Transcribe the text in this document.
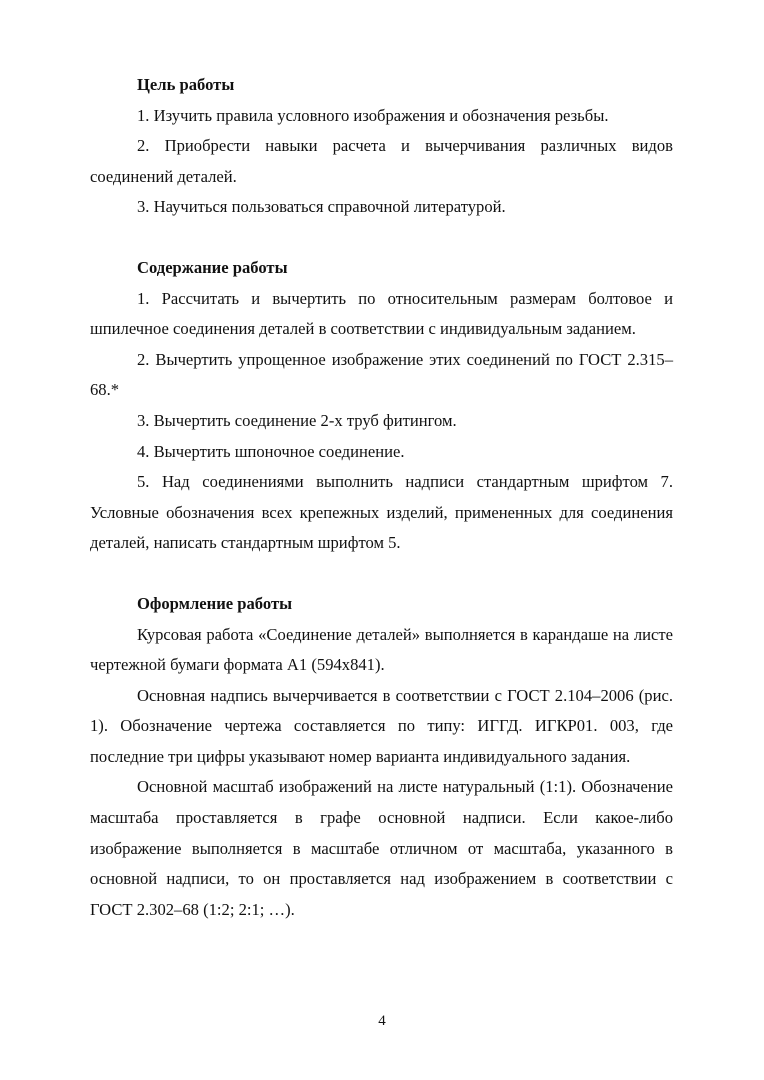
Цель работы

1. Изучить правила условного изображения и обозначения резьбы.

2. Приобрести навыки расчета и вычерчивания различных видов соединений деталей.

3. Научиться пользоваться справочной литературой.

Содержание работы

1. Рассчитать и вычертить по относительным размерам болтовое и шпилечное соединения деталей в соответствии с индивидуальным заданием.

2. Вычертить упрощенное изображение этих соединений по ГОСТ 2.315–68.*

3. Вычертить соединение 2-х труб фитингом.

4. Вычертить шпоночное соединение.

5. Над соединениями выполнить надписи стандартным шрифтом 7. Условные обозначения всех крепежных изделий, примененных для соединения деталей, написать стандартным шрифтом 5.

Оформление работы

Курсовая работа «Соединение деталей» выполняется в карандаше на листе чертежной бумаги формата А1 (594х841).

Основная надпись вычерчивается в соответствии с ГОСТ 2.104–2006 (рис. 1). Обозначение чертежа составляется по типу: ИГГД. ИГКР01. 003, где последние три цифры указывают номер варианта индивидуального задания.

Основной масштаб изображений на листе натуральный (1:1). Обозначение масштаба проставляется в графе основной надписи. Если какое-либо изображение выполняется в масштабе отличном от масштаба, указанного в основной надписи, то он проставляется над изображением в соответствии с ГОСТ 2.302–68 (1:2; 2:1; …).

4
